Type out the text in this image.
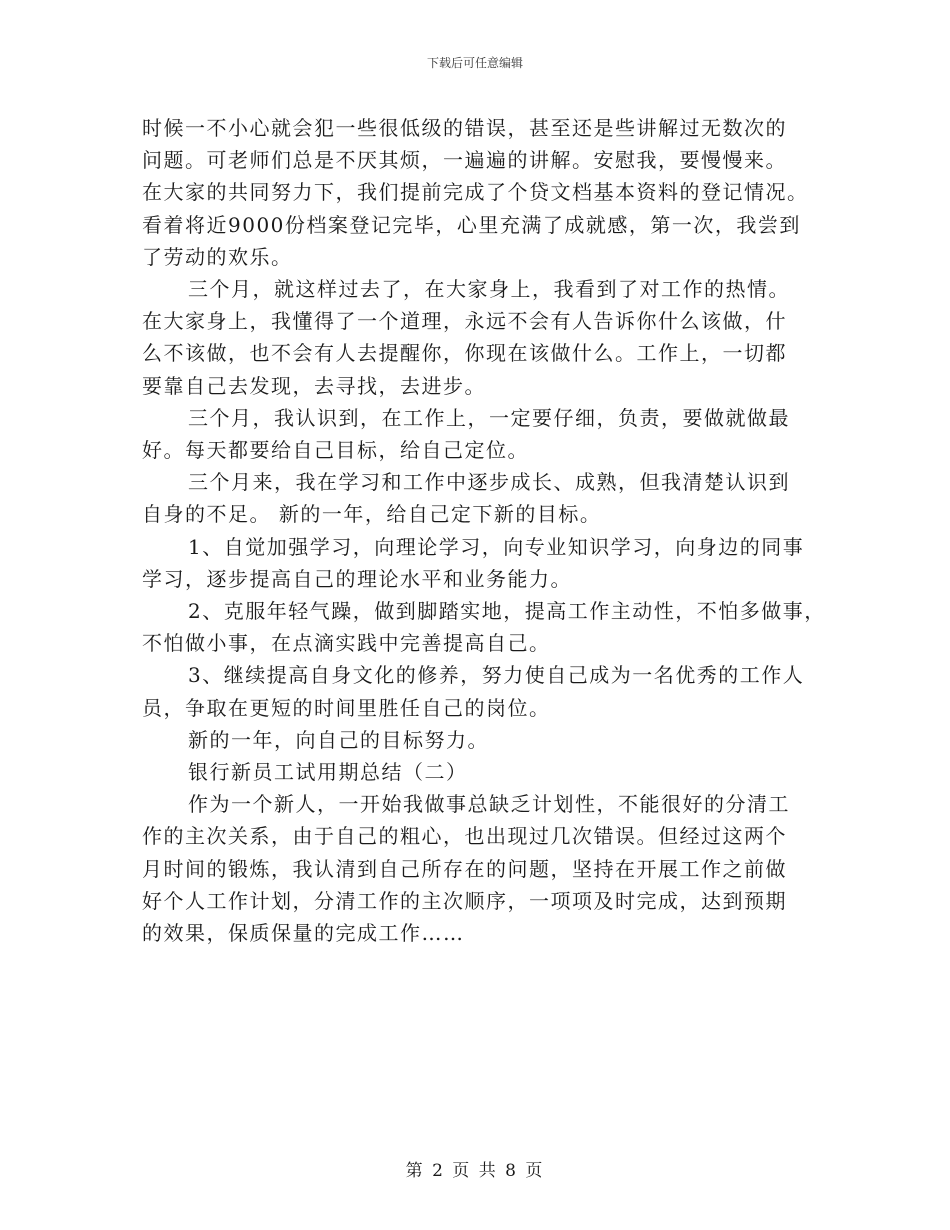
下载后可任意编辑
时候一不小心就会犯一些很低级的错误，甚至还是些讲解过无数次的
问题。可老师们总是不厌其烦，一遍遍的讲解。安慰我，要慢慢来。
在大家的共同努力下，我们提前完成了个贷文档基本资料的登记情况。
看着将近9000份档案登记完毕，心里充满了成就感，第一次，我尝到
了劳动的欢乐。
三个月，就这样过去了，在大家身上，我看到了对工作的热情。
在大家身上，我懂得了一个道理，永远不会有人告诉你什么该做，什
么不该做，也不会有人去提醒你，你现在该做什么。工作上，一切都
要靠自己去发现，去寻找，去进步。
三个月，我认识到，在工作上，一定要仔细，负责，要做就做最
好。每天都要给自己目标，给自己定位。
三个月来，我在学习和工作中逐步成长、成熟，但我清楚认识到
自身的不足。 新的一年，给自己定下新的目标。
1、自觉加强学习，向理论学习，向专业知识学习，向身边的同事
学习，逐步提高自己的理论水平和业务能力。
2、克服年轻气躁，做到脚踏实地，提高工作主动性，不怕多做事，
不怕做小事，在点滴实践中完善提高自己。
3、继续提高自身文化的修养，努力使自己成为一名优秀的工作人
员，争取在更短的时间里胜任自己的岗位。
新的一年，向自己的目标努力。
银行新员工试用期总结（二）
作为一个新人，一开始我做事总缺乏计划性，不能很好的分清工
作的主次关系，由于自己的粗心，也出现过几次错误。但经过这两个
月时间的锻炼，我认清到自己所存在的问题，坚持在开展工作之前做
好个人工作计划，分清工作的主次顺序，一项项及时完成，达到预期
的效果，保质保量的完成工作……
第 2 页 共 8 页
